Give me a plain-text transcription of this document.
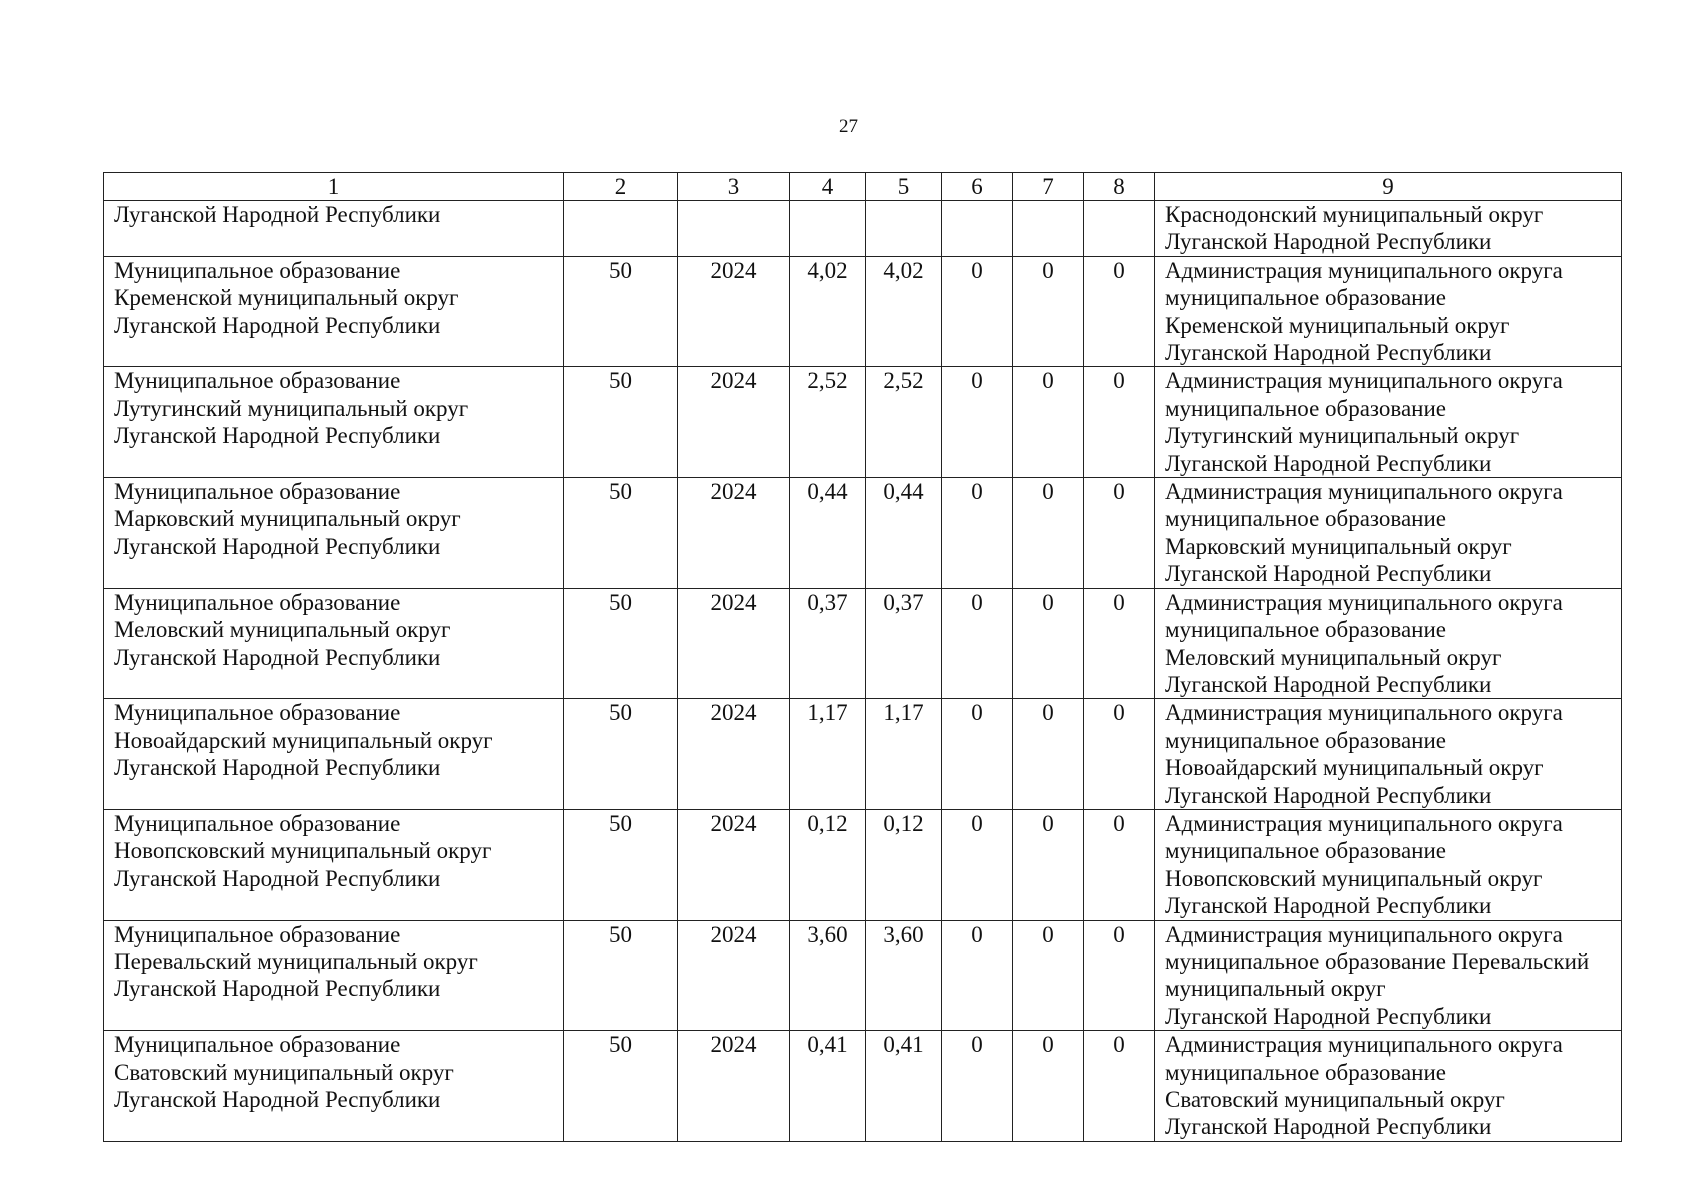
27
1	2	3	4	5	6	7	8	9

Луганской Народной Республики								Краснодонский муниципальный округ
Луганской Народной Республики

Муниципальное образование
Кременской муниципальный округ
Луганской Народной Республики	50	2024	4,02	4,02	0	0	0	Администрация муниципального округа
муниципальное образование
Кременской муниципальный округ
Луганской Народной Республики

Муниципальное образование
Лутугинский муниципальный округ
Луганской Народной Республики	50	2024	2,52	2,52	0	0	0	Администрация муниципального округа
муниципальное образование
Лутугинский муниципальный округ
Луганской Народной Республики

Муниципальное образование
Марковский муниципальный округ
Луганской Народной Республики	50	2024	0,44	0,44	0	0	0	Администрация муниципального округа
муниципальное образование
Марковский муниципальный округ
Луганской Народной Республики

Муниципальное образование
Меловский муниципальный округ
Луганской Народной Республики	50	2024	0,37	0,37	0	0	0	Администрация муниципального округа
муниципальное образование
Меловский муниципальный округ
Луганской Народной Республики

Муниципальное образование
Новоайдарский муниципальный округ
Луганской Народной Республики	50	2024	1,17	1,17	0	0	0	Администрация муниципального округа
муниципальное образование
Новоайдарский муниципальный округ
Луганской Народной Республики

Муниципальное образование
Новопсковский муниципальный округ
Луганской Народной Республики	50	2024	0,12	0,12	0	0	0	Администрация муниципального округа
муниципальное образование
Новопсковский муниципальный округ
Луганской Народной Республики

Муниципальное образование
Перевальский муниципальный округ
Луганской Народной Республики	50	2024	3,60	3,60	0	0	0	Администрация муниципального округа
муниципальное образование Перевальский
муниципальный округ
Луганской Народной Республики

Муниципальное образование
Сватовский муниципальный округ
Луганской Народной Республики	50	2024	0,41	0,41	0	0	0	Администрация муниципального округа
муниципальное образование
Сватовский муниципальный округ
Луганской Народной Республики
